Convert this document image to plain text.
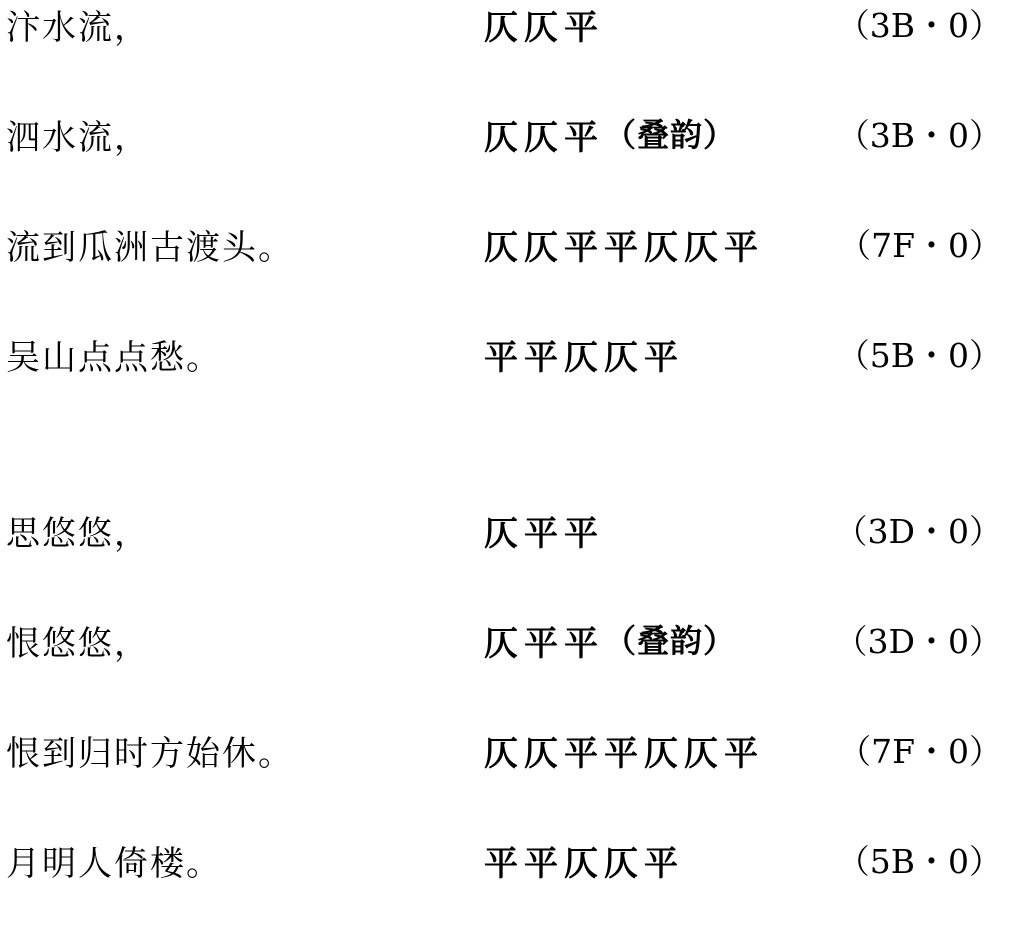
汴水流，	仄 仄 平	（3B・0）
泗水流，	仄 仄 平 （叠韵）	（3B・0）
流到瓜洲古渡头。	仄 仄 平 平 仄 仄 平 （7F・0）
吴山点点愁。	平 平 仄 仄 平	（5B・0）
思悠悠，	仄 平 平	（3D・0）
恨悠悠，	仄 平 平 （叠韵）	（3D・0）
恨到归时方始休。	仄 仄 平 平 仄 仄 平 （7F・0）
月明人倚楼。	平 平 仄 仄 平	（5B・0）
